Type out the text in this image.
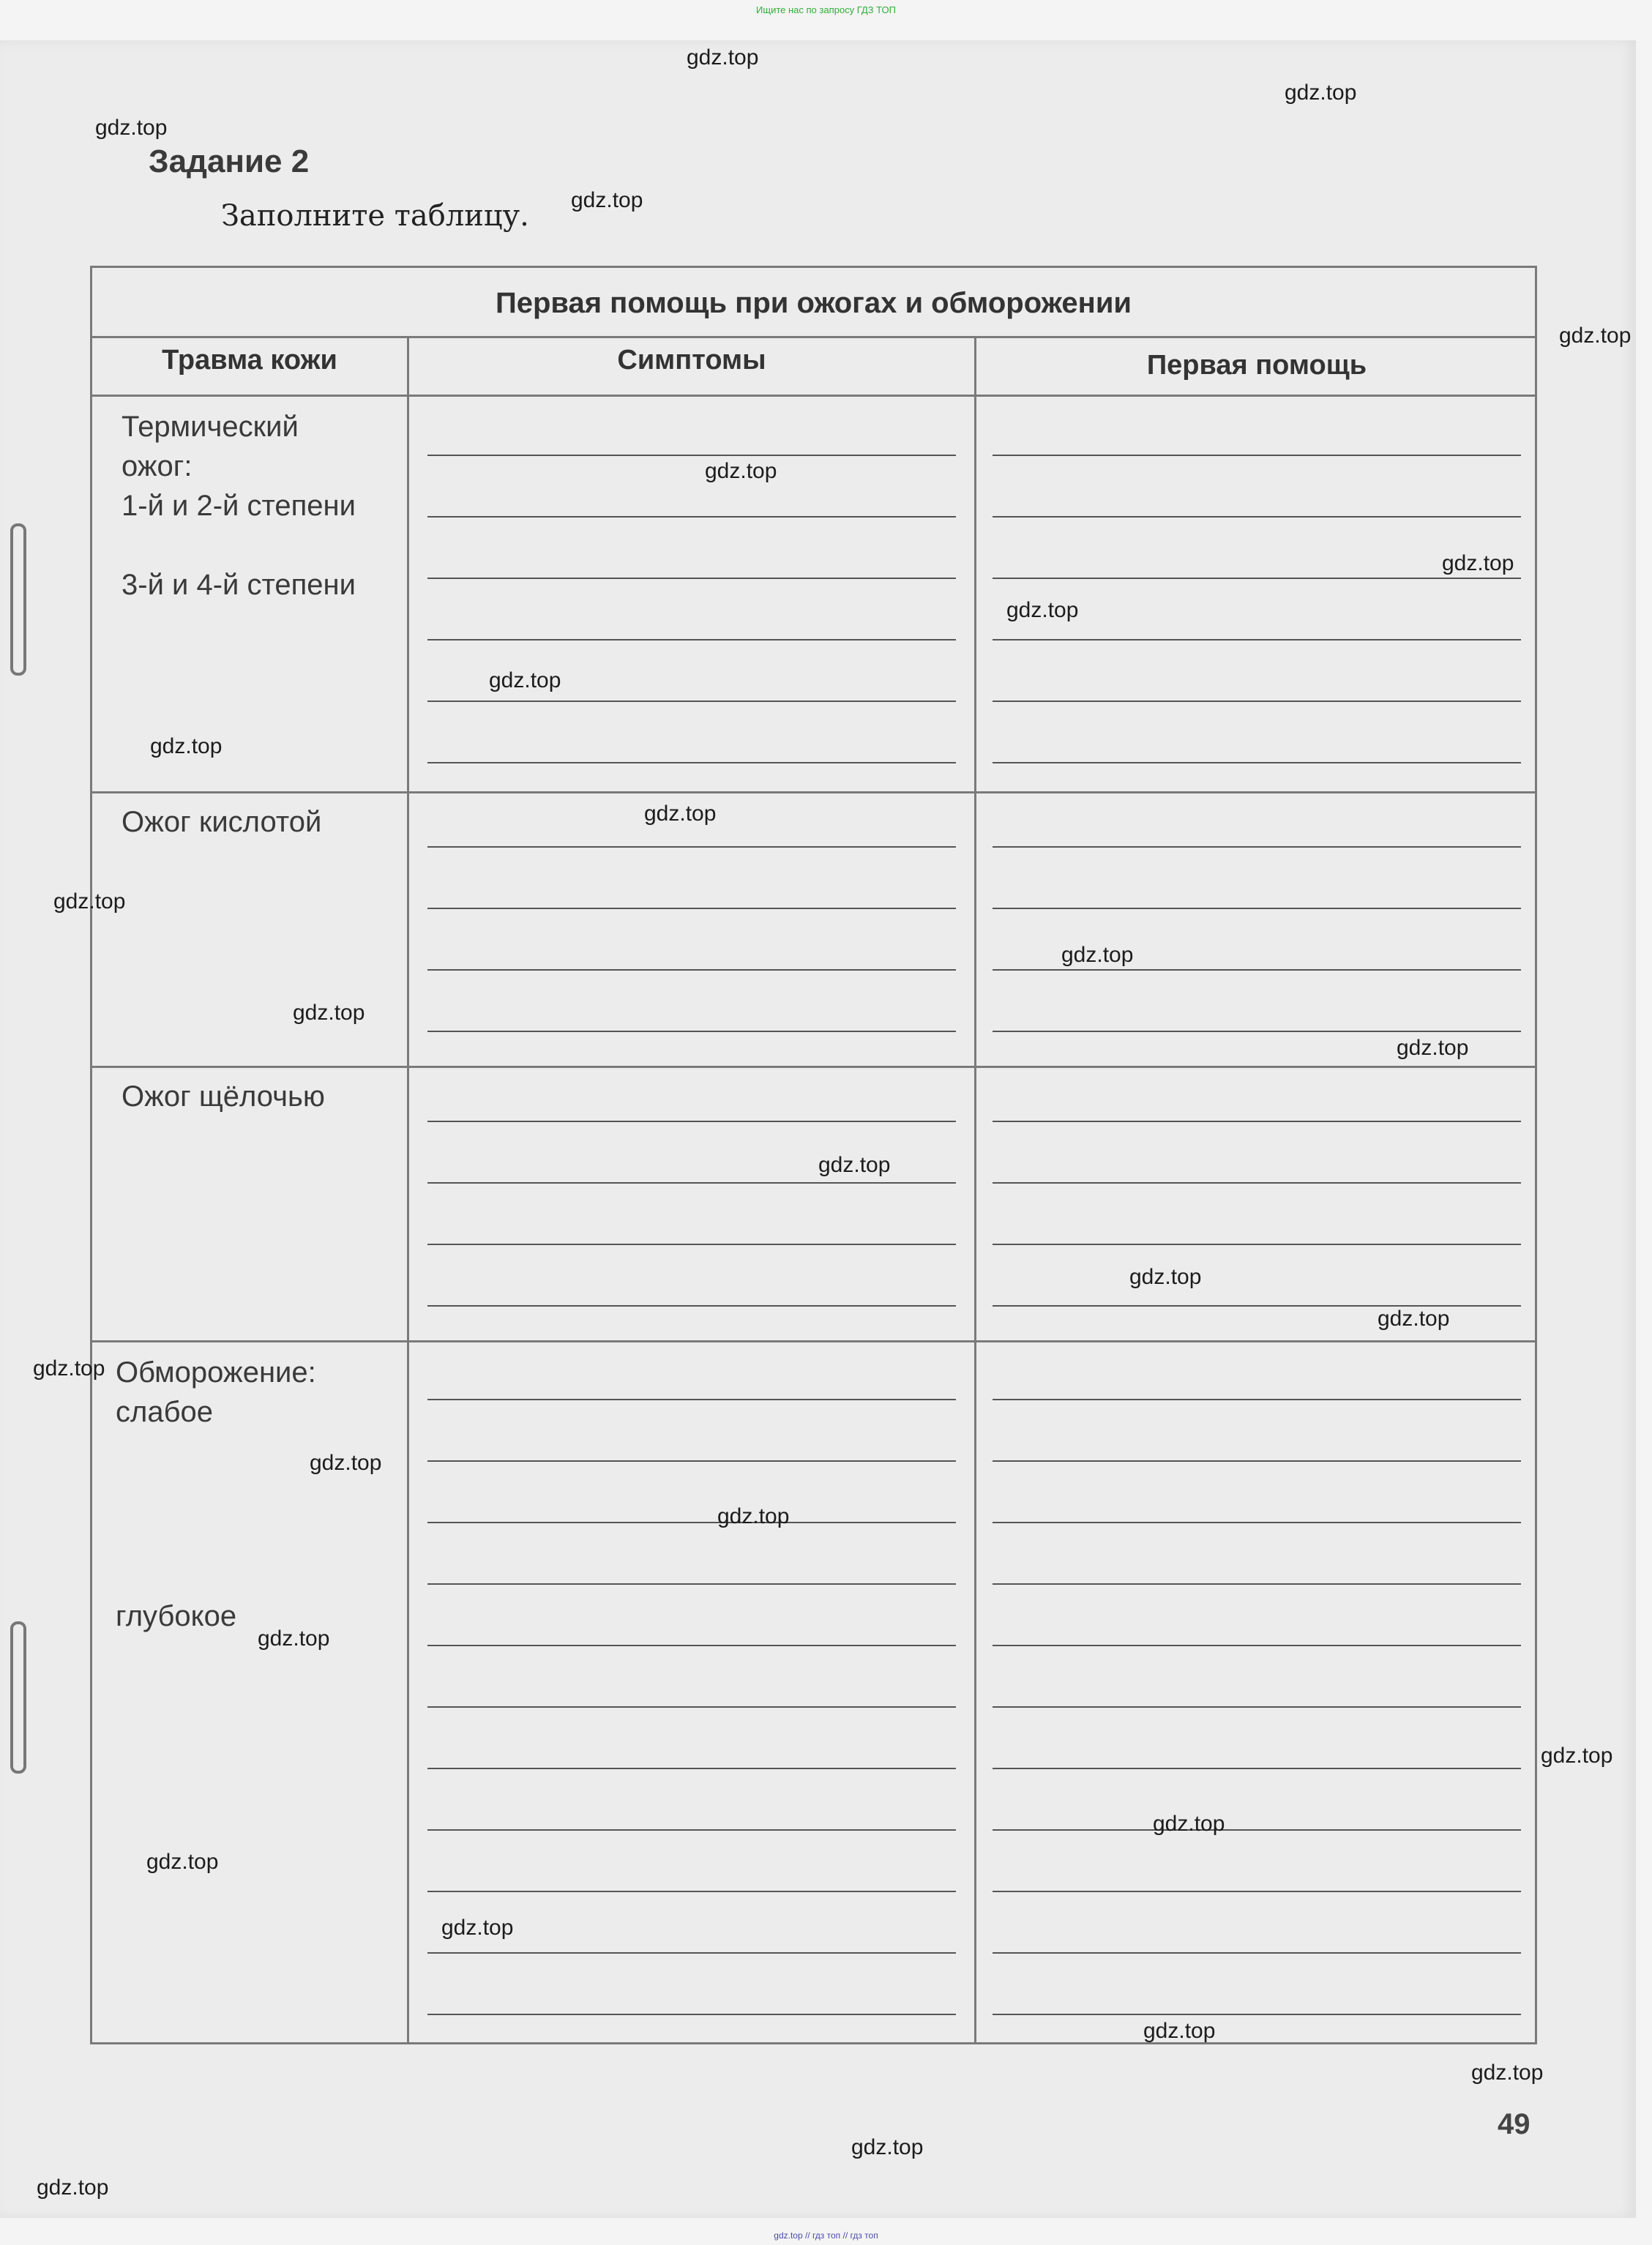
Ищите нас по запросу ГДЗ ТОП
Задание 2
Заполните таблицу.
Первая помощь при ожогах и обморожении
Травма кожи	Симптомы	Первая помощь
Термический
ожог:
1-й и 2-й степени
3-й и 4-й степени
Ожог кислотой
Ожог щёлочью
Обморожение:
слабое
глубокое
49
gdz.top
gdz.top
gdz.top
gdz.top
gdz.top
gdz.top
gdz.top
gdz.top
gdz.top
gdz.top
gdz.top
gdz.top
gdz.top
gdz.top
gdz.top
gdz.top
gdz.top
gdz.top
gdz.top
gdz.top
gdz.top
gdz.top
gdz.top
gdz.top
gdz.top
gdz.top
gdz.top
gdz.top
gdz.top
gdz.top
gdz.top // гдз топ // гдз топ
